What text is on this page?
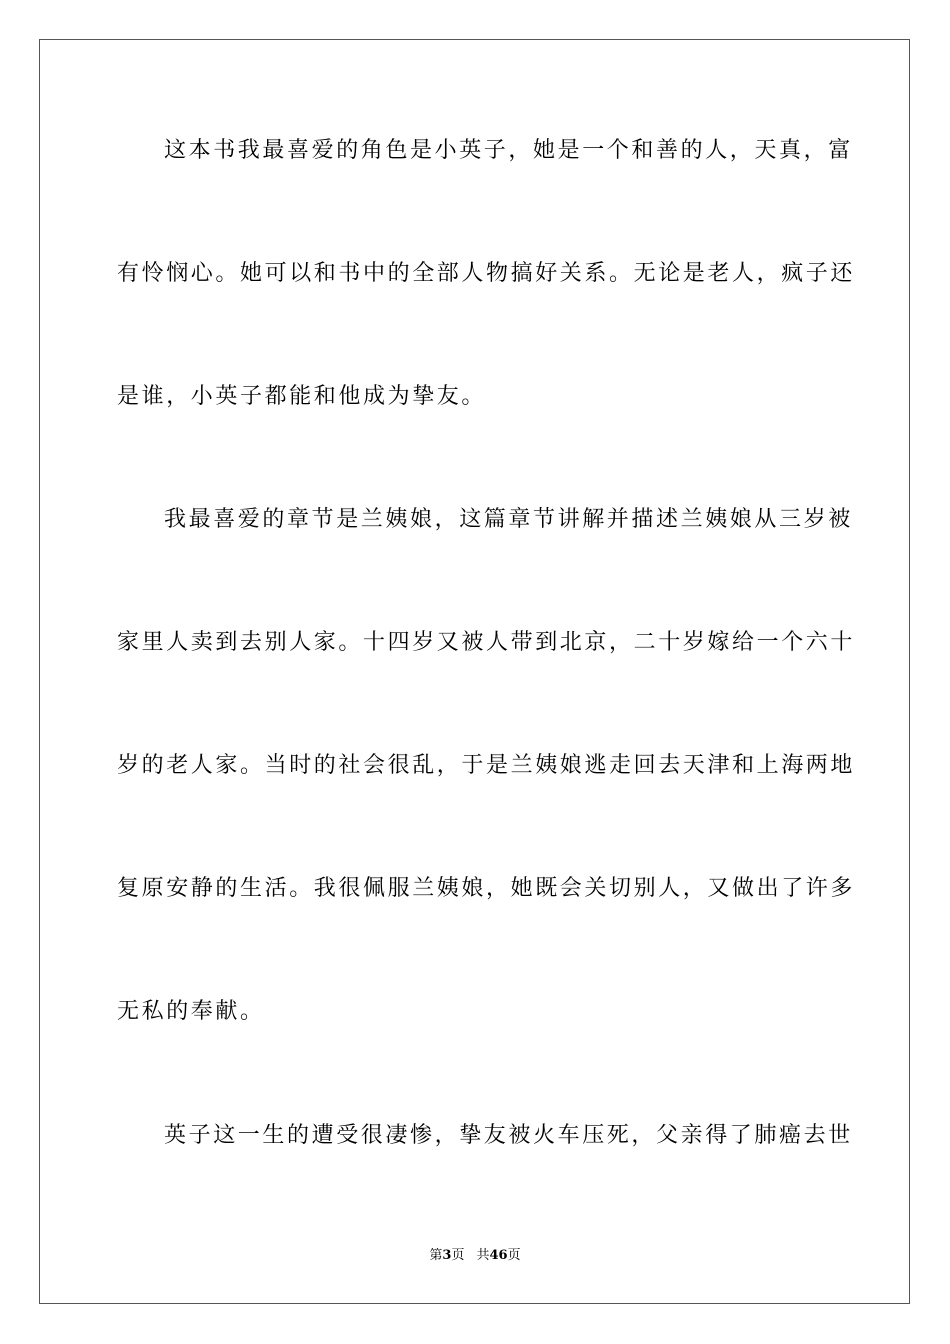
这本书我最喜爱的角色是小英子，她是一个和善的人，天真，富
有怜悯心。她可以和书中的全部人物搞好关系。无论是老人，疯子还
是谁，小英子都能和他成为挚友。
我最喜爱的章节是兰姨娘，这篇章节讲解并描述兰姨娘从三岁被
家里人卖到去别人家。十四岁又被人带到北京，二十岁嫁给一个六十
岁的老人家。当时的社会很乱，于是兰姨娘逃走回去天津和上海两地
复原安静的生活。我很佩服兰姨娘，她既会关切别人，又做出了许多
无私的奉献。
英子这一生的遭受很凄惨，挚友被火车压死，父亲得了肺癌去世
第3页 共46页
